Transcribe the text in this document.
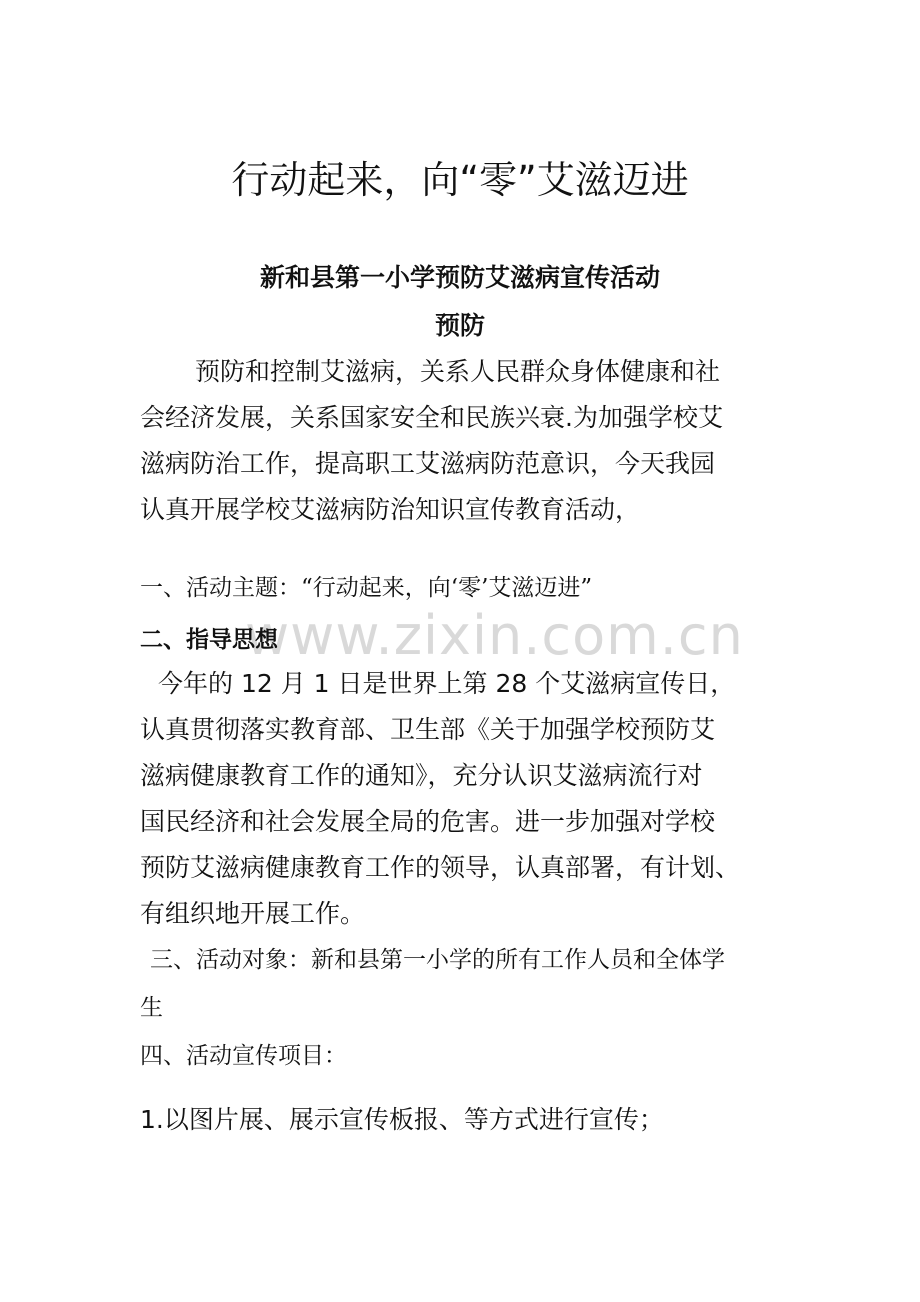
行动起来，向“零”艾滋迈进
新和县第一小学预防艾滋病宣传活动
预防
预防和控制艾滋病，关系人民群众身体健康和社
会经济发展，关系国家安全和民族兴衰.为加强学校艾
滋病防治工作，提高职工艾滋病防范意识，今天我园
认真开展学校艾滋病防治知识宣传教育活动，
一、活动主题：“行动起来，向‘零’艾滋迈进”
www.zixin.com.cn
二、指导思想
今年的 12 月 1 日是世界上第 28 个艾滋病宣传日，
认真贯彻落实教育部、卫生部《关于加强学校预防艾
滋病健康教育工作的通知》，充分认识艾滋病流行对
国民经济和社会发展全局的危害。进一步加强对学校
预防艾滋病健康教育工作的领导，认真部署，有计划、
有组织地开展工作。
三、活动对象：新和县第一小学的所有工作人员和全体学
生
四、活动宣传项目：
1.以图片展、展示宣传板报、等方式进行宣传；
